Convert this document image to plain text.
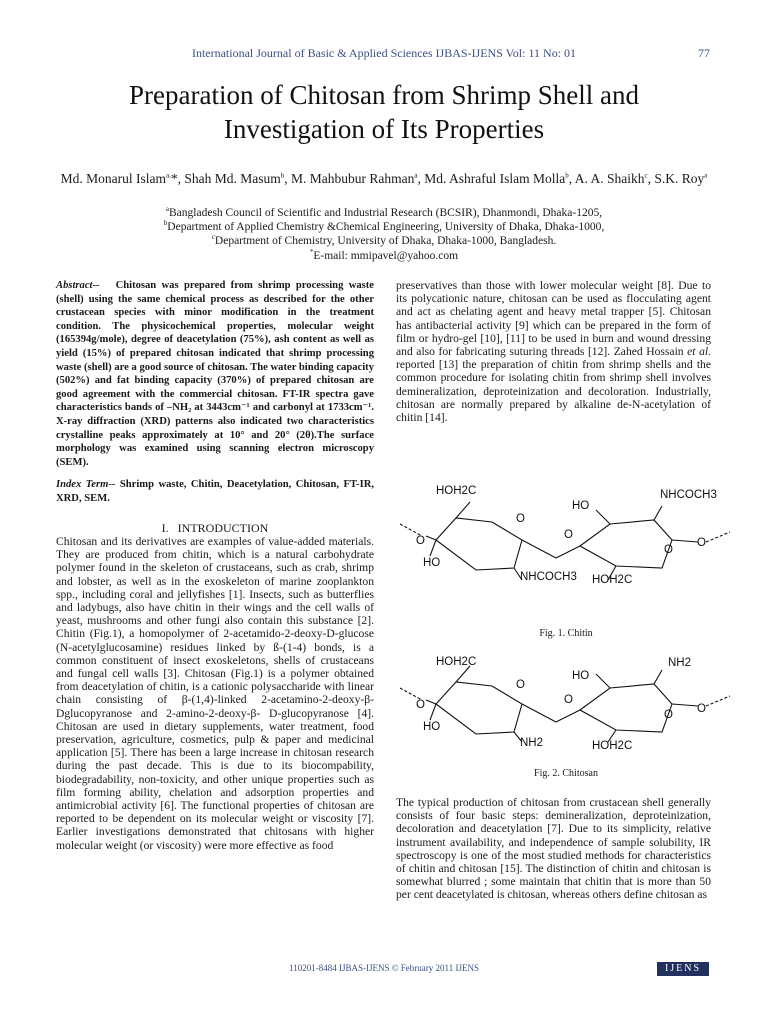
International Journal of Basic & Applied Sciences IJBAS-IJENS Vol: 11 No: 01	77
Preparation of Chitosan from Shrimp Shell and
Investigation of Its Properties
Md. Monarul Islam$^{a,}$*, Shah Md. Masum$^b$, M. Mahbubur Rahman$^a$, Md. Ashraful Islam Molla$^b$, A. A. Shaikh$^c$, S.K. Roy$^a$
$^a$Bangladesh Council of Scientific and Industrial Research (BCSIR), Dhanmondi, Dhaka-1205,
$^b$Department of Applied Chemistry &Chemical Engineering, University of Dhaka, Dhaka-1000,
$^c$Department of Chemistry, University of Dhaka, Dhaka-1000, Bangladesh.
*E-mail: mmipavel@yahoo.com
Abstract-- Chitosan was prepared from shrimp processing waste (shell) using the same chemical process as described for the other crustacean species with minor modification in the treatment condition. The physicochemical properties, molecular weight (165394g/mole), degree of deacetylation (75%), ash content as well as yield (15%) of prepared chitosan indicated that shrimp processing waste (shell) are a good source of chitosan. The water binding capacity (502%) and fat binding capacity (370%) of prepared chitosan are good agreement with the commercial chitosan. FT-IR spectra gave characteristics bands of –NH₂ at 3443cm⁻¹ and carbonyl at 1733cm⁻¹. X-ray diffraction (XRD) patterns also indicated two characteristics crystalline peaks approximately at 10° and 20° (2θ).The surface morphology was examined using scanning electron microscopy (SEM).
Index Term-- Shrimp waste, Chitin, Deacetylation, Chitosan, FT-IR, XRD, SEM.
I. INTRODUCTION
Chitosan and its derivatives are examples of value-added materials. They are produced from chitin, which is a natural carbohydrate polymer found in the skeleton of crustaceans, such as crab, shrimp and lobster, as well as in the exoskeleton of marine zooplankton spp., including coral and jellyfishes [1]. Insects, such as butterflies and ladybugs, also have chitin in their wings and the cell walls of yeast, mushrooms and other fungi also contain this substance [2]. Chitin (Fig.1), a homopolymer of 2-acetamido-2-deoxy-D-glucose (N-acetylglucosamine) residues linked by ß-(1-4) bonds, is a common constituent of insect exoskeletons, shells of crustaceans and fungal cell walls [3]. Chitosan (Fig.1) is a polymer obtained from deacetylation of chitin, is a cationic polysaccharide with linear chain consisting of β-(1,4)-linked 2-acetamino-2-deoxy-β-Dglucopyranose and 2-amino-2-deoxy-β- D-glucopyranose [4]. Chitosan are used in dietary supplements, water treatment, food preservation, agriculture, cosmetics, pulp & paper and medicinal application [5]. There has been a large increase in chitosan research during the past decade. This is due to its biocompability, biodegradability, non-toxicity, and other unique properties such as film forming ability, chelation and adsorption properties and antimicrobial activity [6]. The functional properties of chitosan are reported to be dependent on its molecular weight or viscosity [7]. Earlier investigations demonstrated that chitosans with higher molecular weight (or viscosity) were more effective as food
preservatives than those with lower molecular weight [8]. Due to its polycationic nature, chitosan can be used as flocculating agent and act as chelating agent and heavy metal trapper [5]. Chitosan has antibacterial activity [9] which can be prepared in the form of film or hydro-gel [10], [11] to be used in burn and wound dressing and also for fabricating suturing threads [12]. Zahed Hossain et al. reported [13] the preparation of chitin from shrimp shells and the common procedure for isolating chitin from shrimp shell involves demineralization, deproteinization and decoloration. Industrially, chitosan are normally prepared by alkaline de-N-acetylation of chitin [14].
HOH2C
HO
NHCOCH3
O
O
O
O	O
HO
NHCOCH3 HOH2C
Fig. 1. Chitin
HOH2C
HO
NH2
O
O
O
O	O
HO
NH2	HOH2C
Fig. 2. Chitosan
The typical production of chitosan from crustacean shell generally consists of four basic steps: demineralization, deproteinization, decoloration and deacetylation [7]. Due to its simplicity, relative instrument availability, and independence of sample solubility, IR spectroscopy is one of the most studied methods for characteristics of chitin and chitosan [15]. The distinction of chitin and chitosan is somewhat blurred ; some maintain that chitin that is more than 50 per cent deacetylated is chitosan, whereas others define chitosan as
110201-8484 IJBAS-IJENS © February 2011 IJENS	IJENS
